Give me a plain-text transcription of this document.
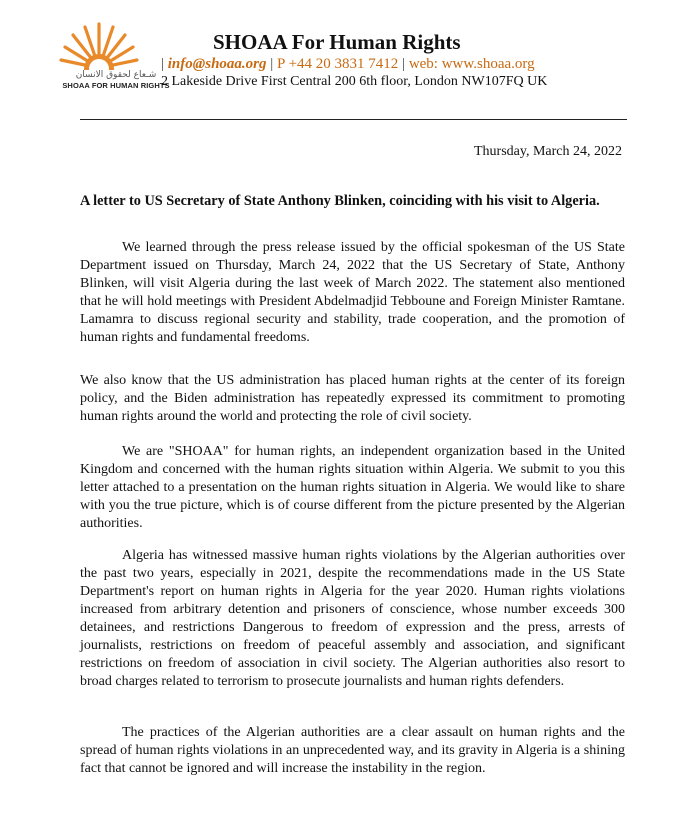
شـعاع لحقوق الانسان
SHOAA FOR HUMAN RIGHTS
SHOAA For Human Rights
| info@shoaa.org | P +44 20 3831 7412 | web: www.shoaa.org
2 Lakeside Drive First Central 200 6th floor, London NW107FQ UK
Thursday, March 24, 2022
A letter to US Secretary of State Anthony Blinken, coinciding with his visit to Algeria.

We learned through the press release issued by the official spokesman of the US State Department issued on Thursday, March 24, 2022 that the US Secretary of State, Anthony Blinken, will visit Algeria during the last week of March 2022. The statement also mentioned that he will hold meetings with President Abdelmadjid Tebboune and Foreign Minister Ramtane. Lamamra to discuss regional security and stability, trade cooperation, and the promotion of human rights and fundamental freedoms.

We also know that the US administration has placed human rights at the center of its foreign policy, and the Biden administration has repeatedly expressed its commitment to promoting human rights around the world and protecting the role of civil society.

We are "SHOAA" for human rights, an independent organization based in the United Kingdom and concerned with the human rights situation within Algeria. We submit to you this letter attached to a presentation on the human rights situation in Algeria. We would like to share with you the true picture, which is of course different from the picture presented by the Algerian authorities.

Algeria has witnessed massive human rights violations by the Algerian authorities over the past two years, especially in 2021, despite the recommendations made in the US State Department's report on human rights in Algeria for the year 2020. Human rights violations increased from arbitrary detention and prisoners of conscience, whose number exceeds 300 detainees, and restrictions Dangerous to freedom of expression and the press, arrests of journalists, restrictions on freedom of peaceful assembly and association, and significant restrictions on freedom of association in civil society. The Algerian authorities also resort to broad charges related to terrorism to prosecute journalists and human rights defenders.

The practices of the Algerian authorities are a clear assault on human rights and the spread of human rights violations in an unprecedented way, and its gravity in Algeria is a shining fact that cannot be ignored and will increase the instability in the region.
